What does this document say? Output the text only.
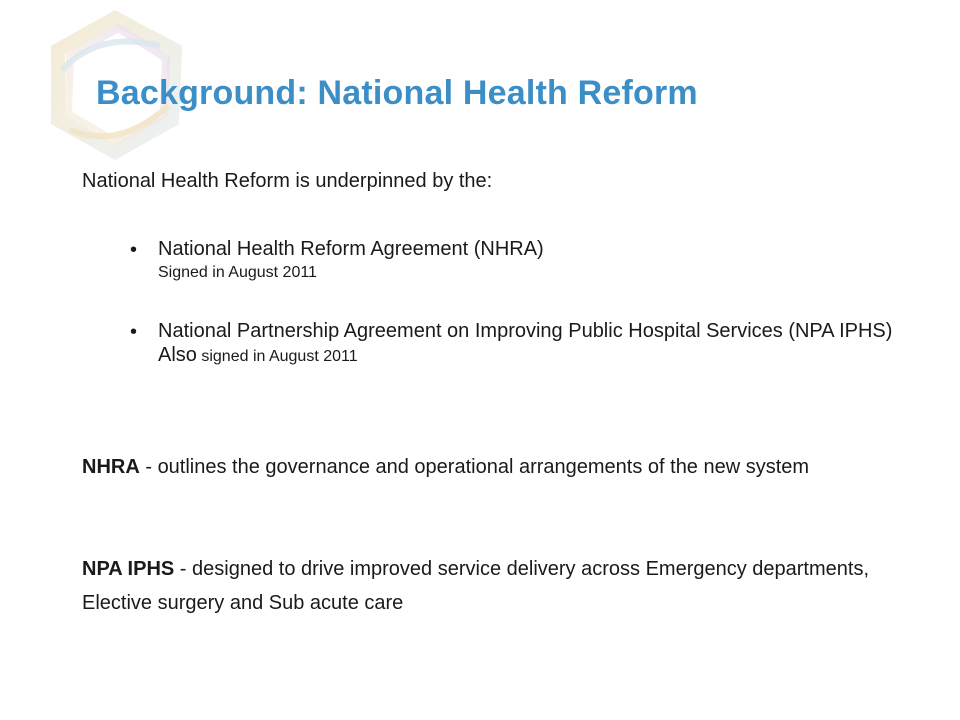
Background: National Health Reform

National Health Reform is underpinned by the:

• National Health Reform Agreement (NHRA)
Signed in August 2011
• National Partnership Agreement on Improving Public Hospital Services (NPA IPHS)
Also signed in August 2011

NHRA - outlines the governance and operational arrangements of the new system

NPA IPHS - designed to drive improved service delivery across Emergency departments, Elective surgery and Sub acute care
